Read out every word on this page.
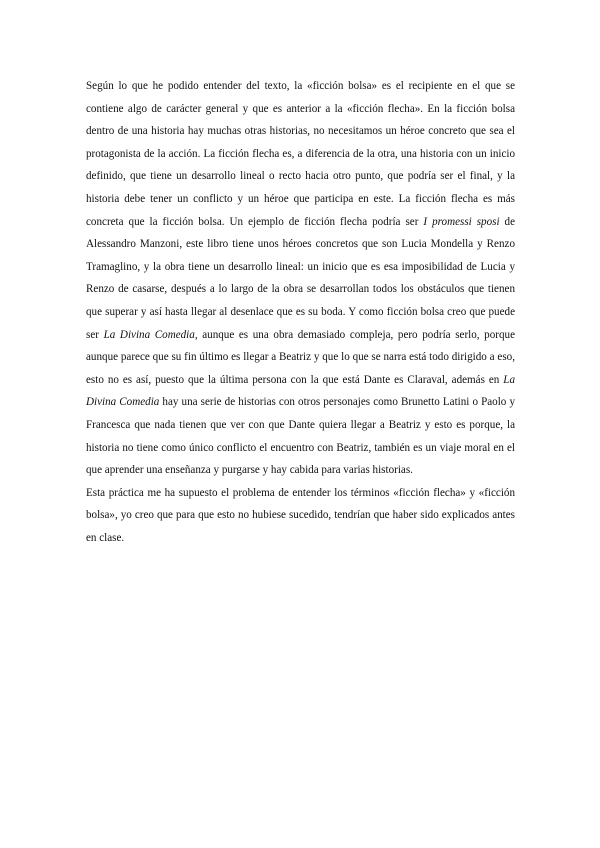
Según lo que he podido entender del texto, la «ficción bolsa» es el recipiente en el que se contiene algo de carácter general y que es anterior a la «ficción flecha». En la ficción bolsa dentro de una historia hay muchas otras historias, no necesitamos un héroe concreto que sea el protagonista de la acción. La ficción flecha es, a diferencia de la otra, una historia con un inicio definido, que tiene un desarrollo lineal o recto hacia otro punto, que podría ser el final, y la historia debe tener un conflicto y un héroe que participa en este. La ficción flecha es más concreta que la ficción bolsa. Un ejemplo de ficción flecha podría ser I promessi sposi de Alessandro Manzoni, este libro tiene unos héroes concretos que son Lucia Mondella y Renzo Tramaglino, y la obra tiene un desarrollo lineal: un inicio que es esa imposibilidad de Lucia y Renzo de casarse, después a lo largo de la obra se desarrollan todos los obstáculos que tienen que superar y así hasta llegar al desenlace que es su boda. Y como ficción bolsa creo que puede ser La Divina Comedia, aunque es una obra demasiado compleja, pero podría serlo, porque aunque parece que su fin último es llegar a Beatriz y que lo que se narra está todo dirigido a eso, esto no es así, puesto que la última persona con la que está Dante es Claraval, además en La Divina Comedia hay una serie de historias con otros personajes como Brunetto Latini o Paolo y Francesca que nada tienen que ver con que Dante quiera llegar a Beatriz y esto es porque, la historia no tiene como único conflicto el encuentro con Beatriz, también es un viaje moral en el que aprender una enseñanza y purgarse y hay cabida para varias historias.

Esta práctica me ha supuesto el problema de entender los términos «ficción flecha» y «ficción bolsa», yo creo que para que esto no hubiese sucedido, tendrían que haber sido explicados antes en clase.
